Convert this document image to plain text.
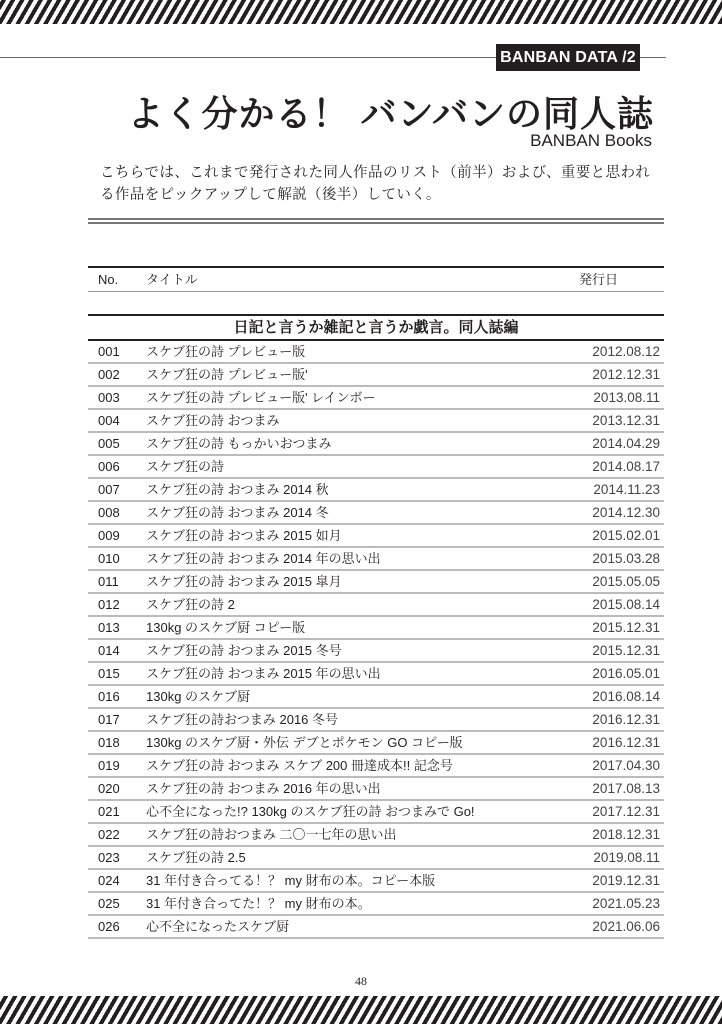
BANBAN DATA /2
よく分かる！ バンバンの同人誌
BANBAN Books
こちらでは、これまで発行された同人作品のリスト（前半）および、重要と思われる作品をピックアップして解説（後半）していく。
No. タイトル	発行日
日記と言うか雑記と言うか戯言。同人誌編
001 スケブ狂の詩 プレビュー版	2012.08.12
002 スケブ狂の詩 プレビュー版'	2012.12.31
003 スケブ狂の詩 プレビュー版' レインボー	2013.08.11
004 スケブ狂の詩 おつまみ	2013.12.31
005 スケブ狂の詩 もっかいおつまみ	2014.04.29
006 スケブ狂の詩	2014.08.17
007 スケブ狂の詩 おつまみ 2014 秋	2014.11.23
008 スケブ狂の詩 おつまみ 2014 冬	2014.12.30
009 スケブ狂の詩 おつまみ 2015 如月	2015.02.01
010 スケブ狂の詩 おつまみ 2014 年の思い出	2015.03.28
011 スケブ狂の詩 おつまみ 2015 皐月	2015.05.05
012 スケブ狂の詩 2	2015.08.14
013 130kg のスケブ厨 コピー版	2015.12.31
014 スケブ狂の詩 おつまみ 2015 冬号	2015.12.31
015 スケブ狂の詩 おつまみ 2015 年の思い出	2016.05.01
016 130kg のスケブ厨	2016.08.14
017 スケブ狂の詩おつまみ 2016 冬号	2016.12.31
018 130kg のスケブ厨・外伝 デブとポケモン GO コピー版	2016.12.31
019 スケブ狂の詩 おつまみ スケブ 200 冊達成本!! 記念号	2017.04.30
020 スケブ狂の詩 おつまみ 2016 年の思い出	2017.08.13
021 心不全になった!? 130kg のスケブ狂の詩 おつまみで Go!	2017.12.31
022 スケブ狂の詩おつまみ 二〇一七年の思い出	2018.12.31
023 スケブ狂の詩 2.5	2019.08.11
024 31 年付き合ってる！？ my 財布の本。コピー本版	2019.12.31
025 31 年付き合ってた！？ my 財布の本。	2021.05.23
026 心不全になったスケブ厨	2021.06.06
48
